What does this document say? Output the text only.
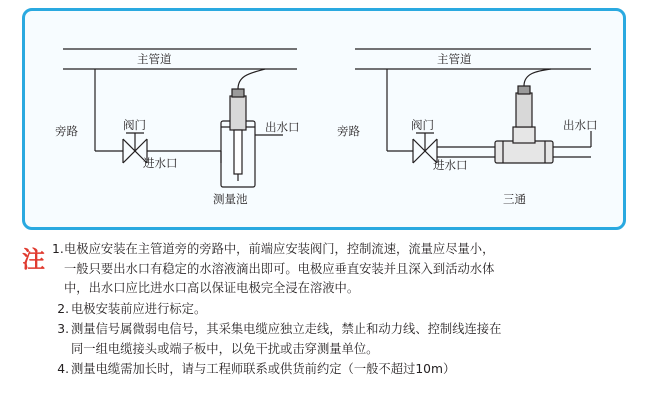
主管道
旁路	阀门
进水口
出水口
测量池
主管道
旁路	阀门
进水口
出水口
三通
注 1. 电极应安装在主管道旁的旁路中，前端应安装阀门，控制流速，流量应尽量小，
一般只要出水口有稳定的水溶液滴出即可。电极应垂直安装并且深入到活动水体
中，出水口应比进水口高以保证电极完全浸在溶液中。
2. 电极安装前应进行标定。
3. 测量信号属微弱电信号，其采集电缆应独立走线，禁止和动力线、控制线连接在
同一组电缆接头或端子板中，以免干扰或击穿测量单位。
4. 测量电缆需加长时，请与工程师联系或供货前约定（一般不超过10m）
